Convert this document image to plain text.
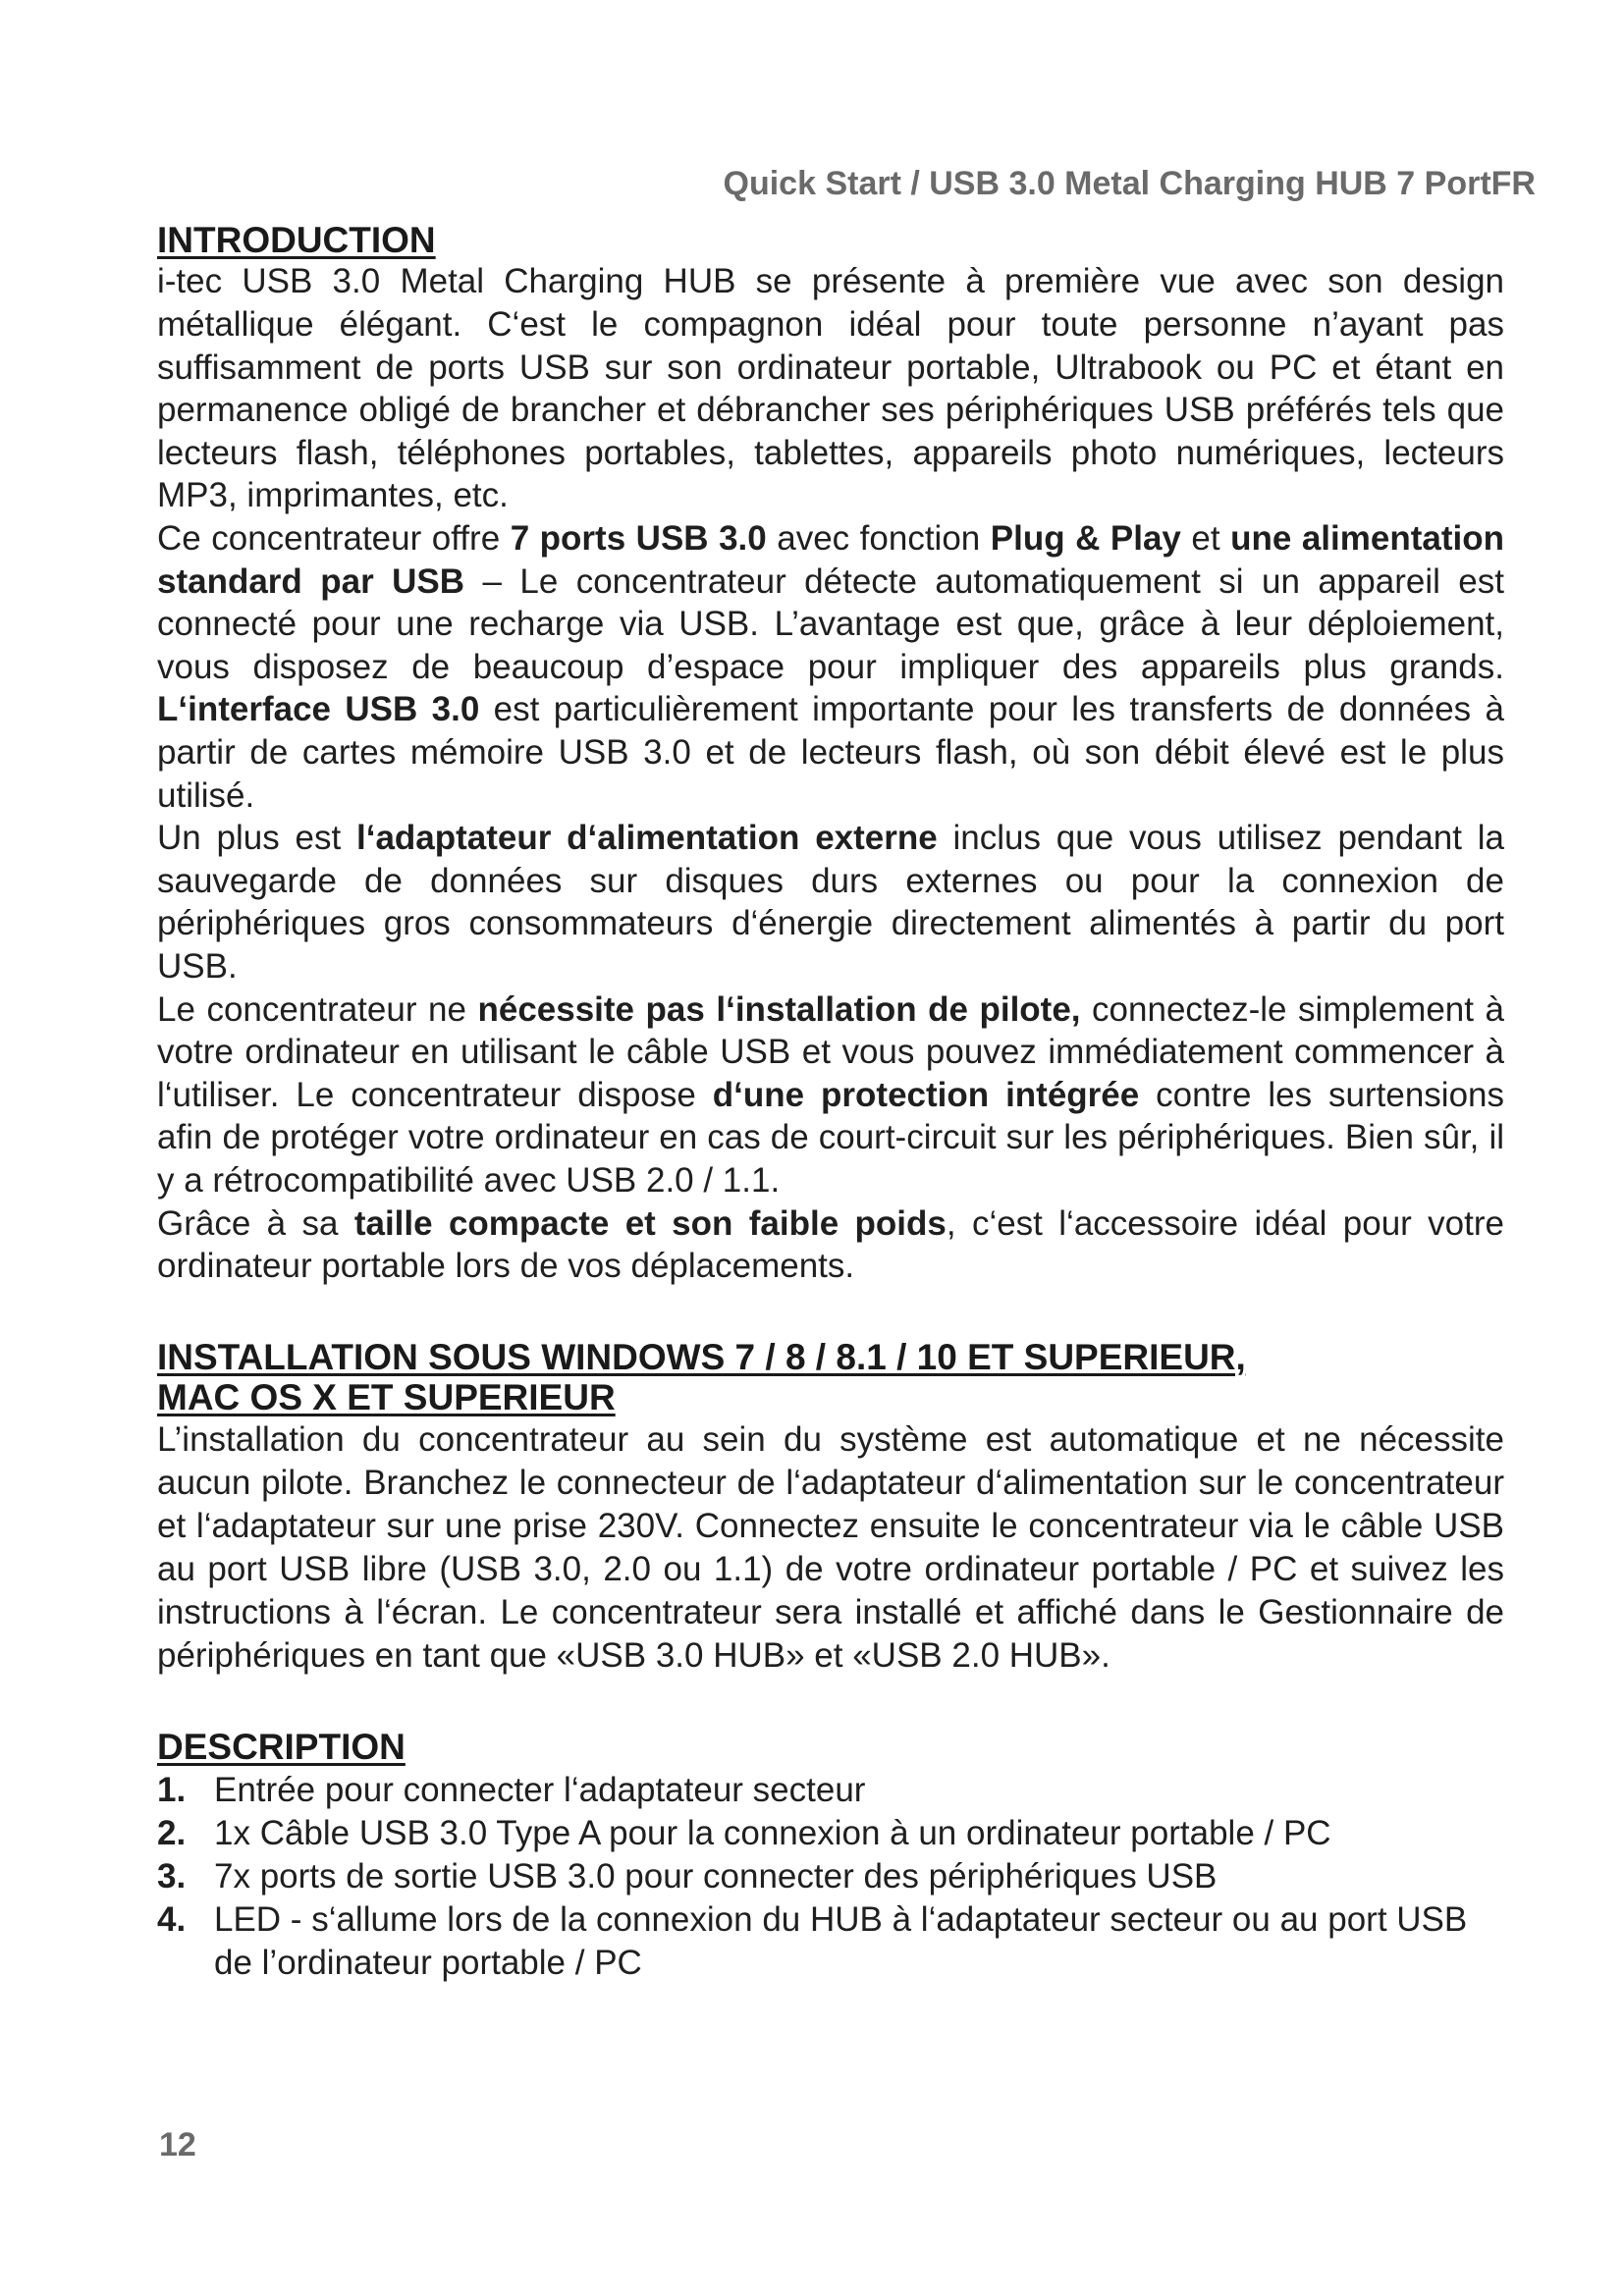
Quick Start / USB 3.0 Metal Charging HUB 7 PortFR
INTRODUCTION

i-tec USB 3.0 Metal Charging HUB se présente à première vue avec son design métallique élégant. C‘est le compagnon idéal pour toute personne n’ayant pas suffisamment de ports USB sur son ordinateur portable, Ultrabook ou PC et étant en permanence obligé de brancher et débrancher ses périphériques USB préférés tels que lecteurs flash, téléphones portables, tablettes, appareils photo numériques, lecteurs MP3, imprimantes, etc.

Ce concentrateur offre 7 ports USB 3.0 avec fonction Plug & Play et une alimentation standard par USB – Le concentrateur détecte automatiquement si un appareil est connecté pour une recharge via USB. L’avantage est que, grâce à leur déploiement, vous disposez de beaucoup d’espace pour impliquer des appareils plus grands. L‘interface USB 3.0 est particulièrement importante pour les transferts de données à partir de cartes mémoire USB 3.0 et de lecteurs flash, où son débit élevé est le plus utilisé.

Un plus est l‘adaptateur d‘alimentation externe inclus que vous utilisez pendant la sauvegarde de données sur disques durs externes ou pour la connexion de périphériques gros consommateurs d‘énergie directement alimentés à partir du port USB.

Le concentrateur ne nécessite pas l‘installation de pilote, connectez-le simplement à votre ordinateur en utilisant le câble USB et vous pouvez immédiatement commencer à l‘utiliser. Le concentrateur dispose d‘une protection intégrée contre les surtensions afin de protéger votre ordinateur en cas de court-circuit sur les périphériques. Bien sûr, il y a rétrocompatibilité avec USB 2.0 / 1.1.

Grâce à sa taille compacte et son faible poids, c‘est l‘accessoire idéal pour votre ordinateur portable lors de vos déplacements.

INSTALLATION SOUS WINDOWS 7 / 8 / 8.1 / 10 ET SUPERIEUR,
MAC OS X ET SUPERIEUR

L’installation du concentrateur au sein du système est automatique et ne nécessite aucun pilote. Branchez le connecteur de l‘adaptateur d‘alimentation sur le concentrateur et l‘adaptateur sur une prise 230V. Connectez ensuite le concentrateur via le câble USB au port USB libre (USB 3.0, 2.0 ou 1.1) de votre ordinateur portable / PC et suivez les instructions à l‘écran. Le concentrateur sera installé et affiché dans le Gestionnaire de périphériques en tant que «USB 3.0 HUB» et «USB 2.0 HUB».

DESCRIPTION
1. Entrée pour connecter l‘adaptateur secteur
2. 1x Câble USB 3.0 Type A pour la connexion à un ordinateur portable / PC
3. 7x ports de sortie USB 3.0 pour connecter des périphériques USB
4. LED - s‘allume lors de la connexion du HUB à l‘adaptateur secteur ou au port USB de l’ordinateur portable / PC
12
